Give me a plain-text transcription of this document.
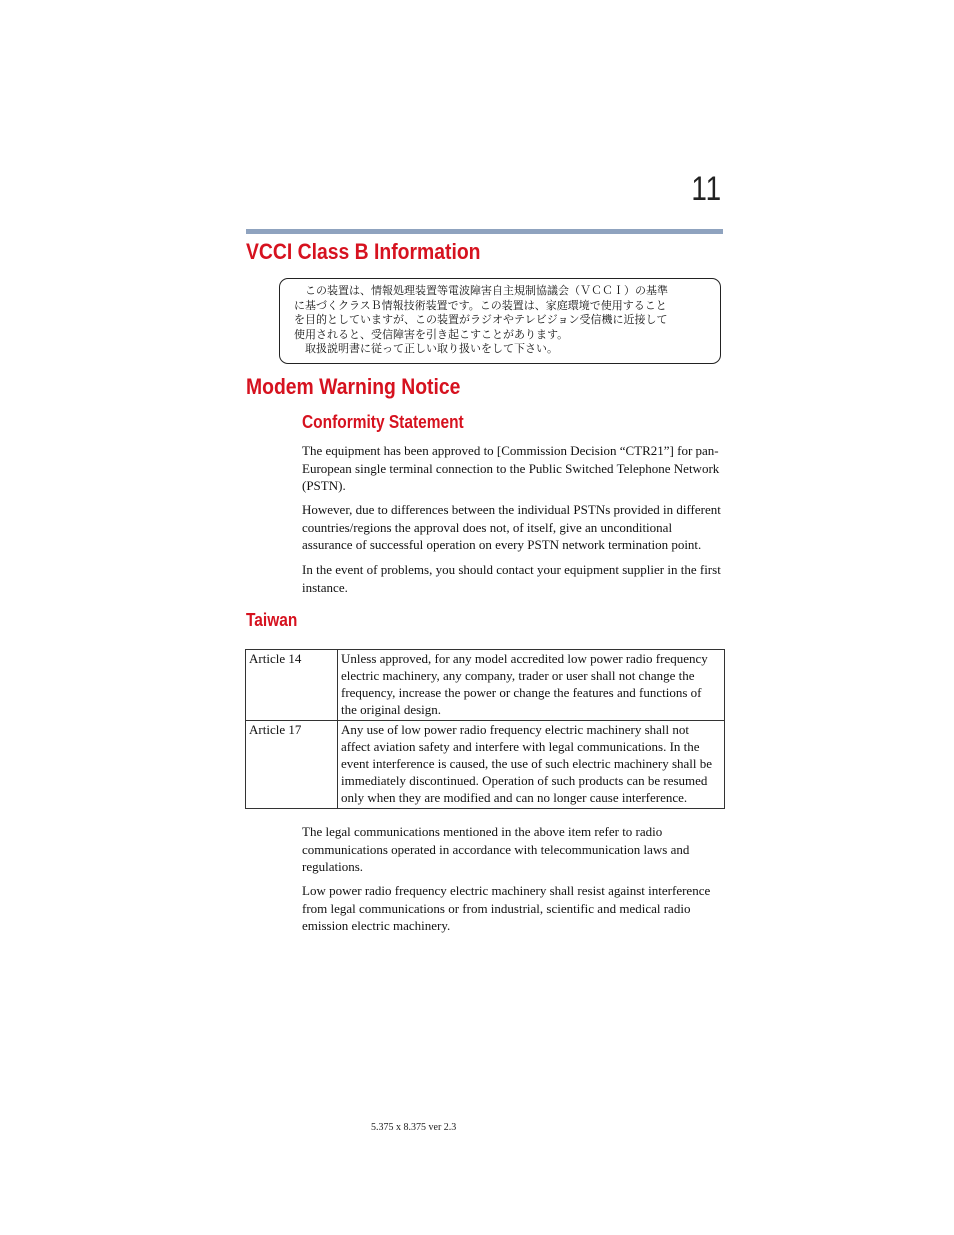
11
VCCI Class B Information
　この装置は、情報処理装置等電波障害自主規制協議会（ＶＣＣＩ）の基準
に基づくクラスＢ情報技術装置です。この装置は、家庭環境で使用すること
を目的としていますが、この装置がラジオやテレビジョン受信機に近接して
使用されると、受信障害を引き起こすことがあります。
　取扱説明書に従って正しい取り扱いをして下さい。
Modem Warning Notice
Conformity Statement

The equipment has been approved to [Commission Decision “CTR21”] for pan-European single terminal connection to the Public Switched Telephone Network (PSTN).

However, due to differences between the individual PSTNs provided in different countries/regions the approval does not, of itself, give an unconditional assurance of successful operation on every PSTN network termination point.

In the event of problems, you should contact your equipment supplier in the first instance.

Taiwan
Article 14	Unless approved, for any model accredited low power radio frequency electric machinery, any company, trader or user shall not change the frequency, increase the power or change the features and functions of the original design.
Article 17	Any use of low power radio frequency electric machinery shall not affect aviation safety and interfere with legal communications. In the event interference is caused, the use of such electric machinery shall be immediately discontinued. Operation of such products can be resumed only when they are modified and can no longer cause interference.

The legal communications mentioned in the above item refer to radio communications operated in accordance with telecommunication laws and regulations.

Low power radio frequency electric machinery shall resist against interference from legal communications or from industrial, scientific and medical radio emission electric machinery.

5.375 x 8.375 ver 2.3
